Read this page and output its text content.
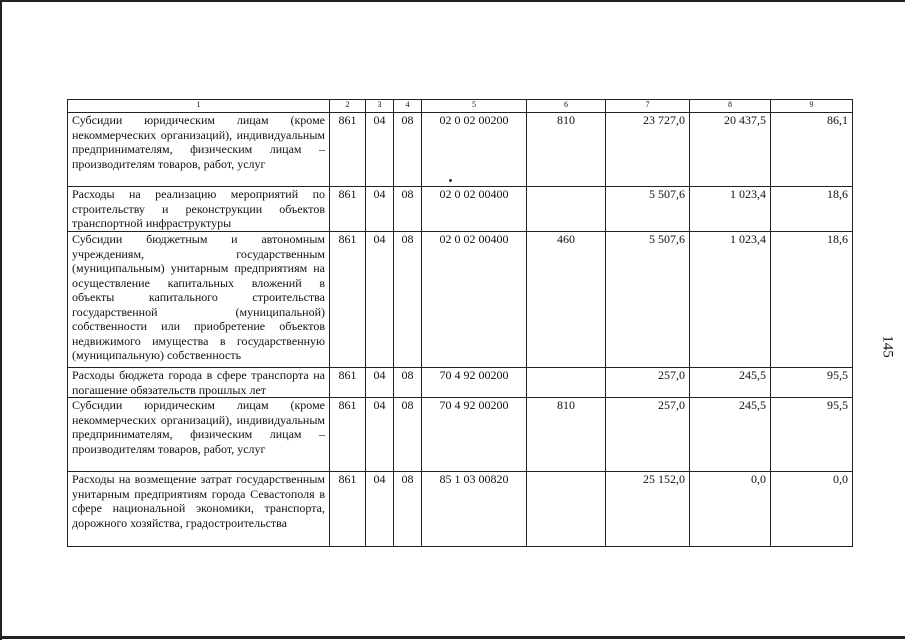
1	2	3	4	5	6	7	8	9
Субсидии юридическим лицам (кроме некоммерческих организаций), индивидуальным предпринимателям, физическим лицам – производителям товаров, работ, услуг	861	04	08	02 0 02 00200	810	23 727,0	20 437,5	86,1
Расходы на реализацию мероприятий по строительству и реконструкции объектов транспортной инфраструктуры	861	04	08	02 0 02 00400		5 507,6	1 023,4	18,6
Субсидии бюджетным и автономным учреждениям, государственным (муниципальным) унитарным предприятиям на осуществление капитальных вложений в объекты капитального строительства государственной (муниципальной) собственности или приобретение объектов недвижимого имущества в государственную (муниципальную) собственность	861	04	08	02 0 02 00400	460	5 507,6	1 023,4	18,6
Расходы бюджета города в сфере транспорта на погашение обязательств прошлых лет	861	04	08	70 4 92 00200		257,0	245,5	95,5
Субсидии юридическим лицам (кроме некоммерческих организаций), индивидуальным предпринимателям, физическим лицам – производителям товаров, работ, услуг	861	04	08	70 4 92 00200	810	257,0	245,5	95,5
Расходы на возмещение затрат государственным унитарным предприятиям города Севастополя в сфере национальной экономики, транспорта, дорожного хозяйства, градостроительства	861	04	08	85 1 03 00820		25 152,0	0,0	0,0
145
